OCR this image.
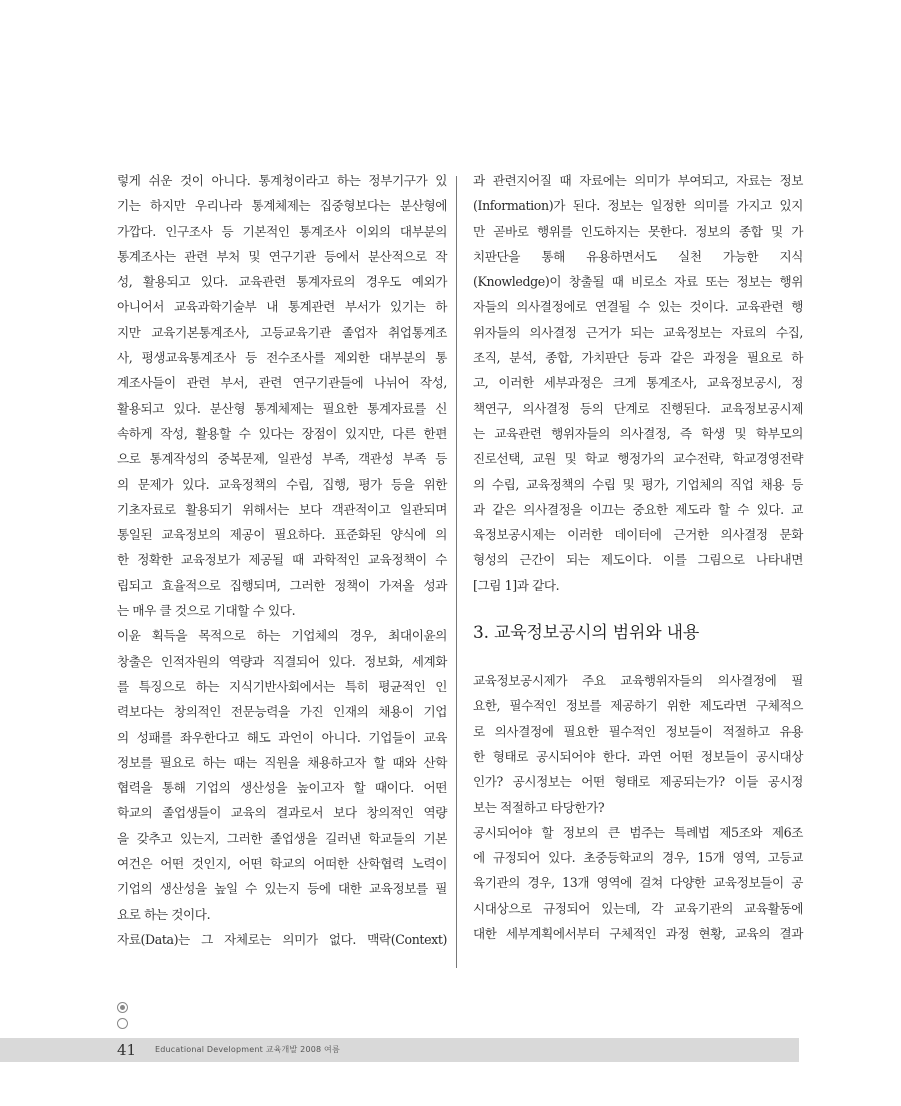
렇게 쉬운 것이 아니다. 통계청이라고 하는 정부기구가 있

기는 하지만 우리나라 통계체제는 집중형보다는 분산형에

가깝다. 인구조사 등 기본적인 통계조사 이외의 대부분의

통계조사는 관련 부처 및 연구기관 등에서 분산적으로 작

성, 활용되고 있다. 교육관련 통계자료의 경우도 예외가

아니어서 교육과학기술부 내 통계관련 부서가 있기는 하

지만 교육기본통계조사, 고등교육기관 졸업자 취업통계조

사, 평생교육통계조사 등 전수조사를 제외한 대부분의 통

계조사들이 관련 부서, 관련 연구기관들에 나뉘어 작성,

활용되고 있다. 분산형 통계체제는 필요한 통계자료를 신

속하게 작성, 활용할 수 있다는 장점이 있지만, 다른 한편

으로 통계작성의 중복문제, 일관성 부족, 객관성 부족 등

의 문제가 있다. 교육정책의 수립, 집행, 평가 등을 위한

기초자료로 활용되기 위해서는 보다 객관적이고 일관되며

통일된 교육정보의 제공이 필요하다. 표준화된 양식에 의

한 정확한 교육정보가 제공될 때 과학적인 교육정책이 수

립되고 효율적으로 집행되며, 그러한 정책이 가져올 성과

는 매우 클 것으로 기대할 수 있다.

이윤 획득을 목적으로 하는 기업체의 경우, 최대이윤의

창출은 인적자원의 역량과 직결되어 있다. 정보화, 세계화

를 특징으로 하는 지식기반사회에서는 특히 평균적인 인

력보다는 창의적인 전문능력을 가진 인재의 채용이 기업

의 성패를 좌우한다고 해도 과언이 아니다. 기업들이 교육

정보를 필요로 하는 때는 직원을 채용하고자 할 때와 산학

협력을 통해 기업의 생산성을 높이고자 할 때이다. 어떤

학교의 졸업생들이 교육의 결과로서 보다 창의적인 역량

을 갖추고 있는지, 그러한 졸업생을 길러낸 학교들의 기본

여건은 어떤 것인지, 어떤 학교의 어떠한 산학협력 노력이

기업의 생산성을 높일 수 있는지 등에 대한 교육정보를 필

요로 하는 것이다.

자료(Data)는 그 자체로는 의미가 없다. 맥락(Context)

과 관련지어질 때 자료에는 의미가 부여되고, 자료는 정보

(Information)가 된다. 정보는 일정한 의미를 가지고 있지

만 곧바로 행위를 인도하지는 못한다. 정보의 종합 및 가

치판단을 통해 유용하면서도 실천 가능한 지식

(Knowledge)이 창출될 때 비로소 자료 또는 정보는 행위

자들의 의사결정에로 연결될 수 있는 것이다. 교육관련 행

위자들의 의사결정 근거가 되는 교육정보는 자료의 수집,

조직, 분석, 종합, 가치판단 등과 같은 과정을 필요로 하

고, 이러한 세부과정은 크게 통계조사, 교육정보공시, 정

책연구, 의사결정 등의 단계로 진행된다. 교육정보공시제

는 교육관련 행위자들의 의사결정, 즉 학생 및 학부모의

진로선택, 교원 및 학교 행정가의 교수전략, 학교경영전략

의 수립, 교육정책의 수립 및 평가, 기업체의 직업 채용 등

과 같은 의사결정을 이끄는 중요한 제도라 할 수 있다. 교

육정보공시제는 이러한 데이터에 근거한 의사결정 문화

형성의 근간이 되는 제도이다. 이를 그림으로 나타내면

[그림 1]과 같다.

3. 교육정보공시의 범위와 내용

교육정보공시제가 주요 교육행위자들의 의사결정에 필

요한, 필수적인 정보를 제공하기 위한 제도라면 구체적으

로 의사결정에 필요한 필수적인 정보들이 적절하고 유용

한 형태로 공시되어야 한다. 과연 어떤 정보들이 공시대상

인가? 공시정보는 어떤 형태로 제공되는가? 이들 공시정

보는 적절하고 타당한가?

공시되어야 할 정보의 큰 범주는 특례법 제5조와 제6조

에 규정되어 있다. 초중등학교의 경우, 15개 영역, 고등교

육기관의 경우, 13개 영역에 걸쳐 다양한 교육정보들이 공

시대상으로 규정되어 있는데, 각 교육기관의 교육활동에

대한 세부계획에서부터 구체적인 과정 현황, 교육의 결과

41 Educational Development 교육개발 2008 여름
